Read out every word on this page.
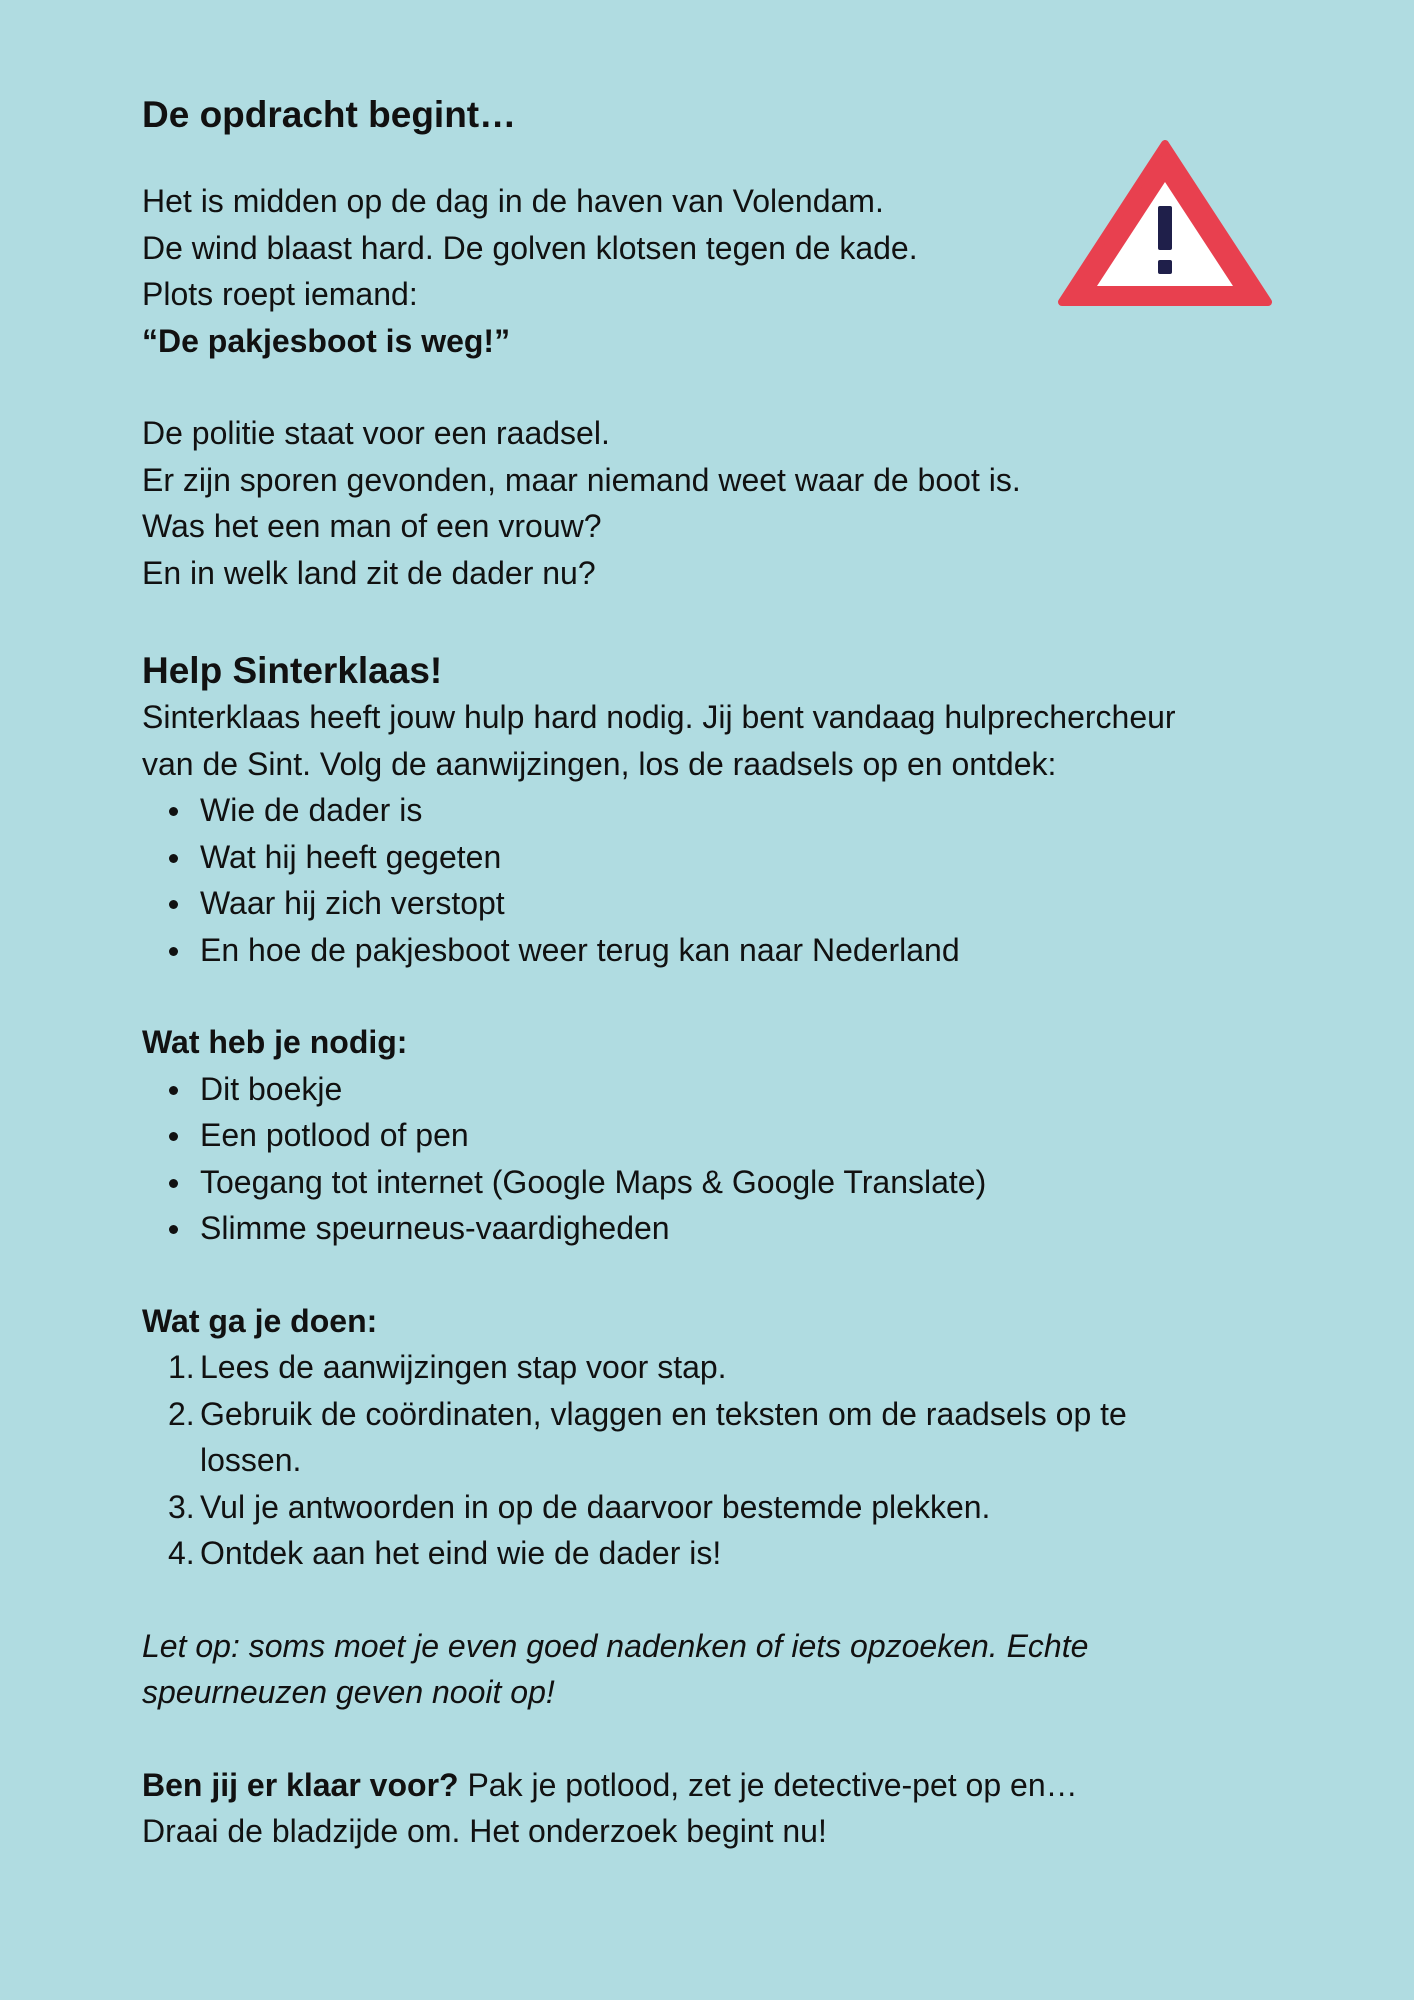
De opdracht begint…

Het is midden op de dag in de haven van Volendam.

De wind blaast hard. De golven klotsen tegen de kade.

Plots roept iemand:

“De pakjesboot is weg!”

De politie staat voor een raadsel.

Er zijn sporen gevonden, maar niemand weet waar de boot is.

Was het een man of een vrouw?

En in welk land zit de dader nu?

Help Sinterklaas!

Sinterklaas heeft jouw hulp hard nodig. Jij bent vandaag hulprechercheur

van de Sint. Volg de aanwijzingen, los de raadsels op en ontdek:

Wie de dader is
Wat hij heeft gegeten
Waar hij zich verstopt
En hoe de pakjesboot weer terug kan naar Nederland

Wat heb je nodig:

Dit boekje
Een potlood of pen
Toegang tot internet (Google Maps & Google Translate)
Slimme speurneus-vaardigheden

Wat ga je doen:

1. Lees de aanwijzingen stap voor stap.
2. Gebruik de coördinaten, vlaggen en teksten om de raadsels op te
lossen.
3. Vul je antwoorden in op de daarvoor bestemde plekken.
4. Ontdek aan het eind wie de dader is!

Let op: soms moet je even goed nadenken of iets opzoeken. Echte

speurneuzen geven nooit op!

Ben jij er klaar voor? Pak je potlood, zet je detective-pet op en…

Draai de bladzijde om. Het onderzoek begint nu!
